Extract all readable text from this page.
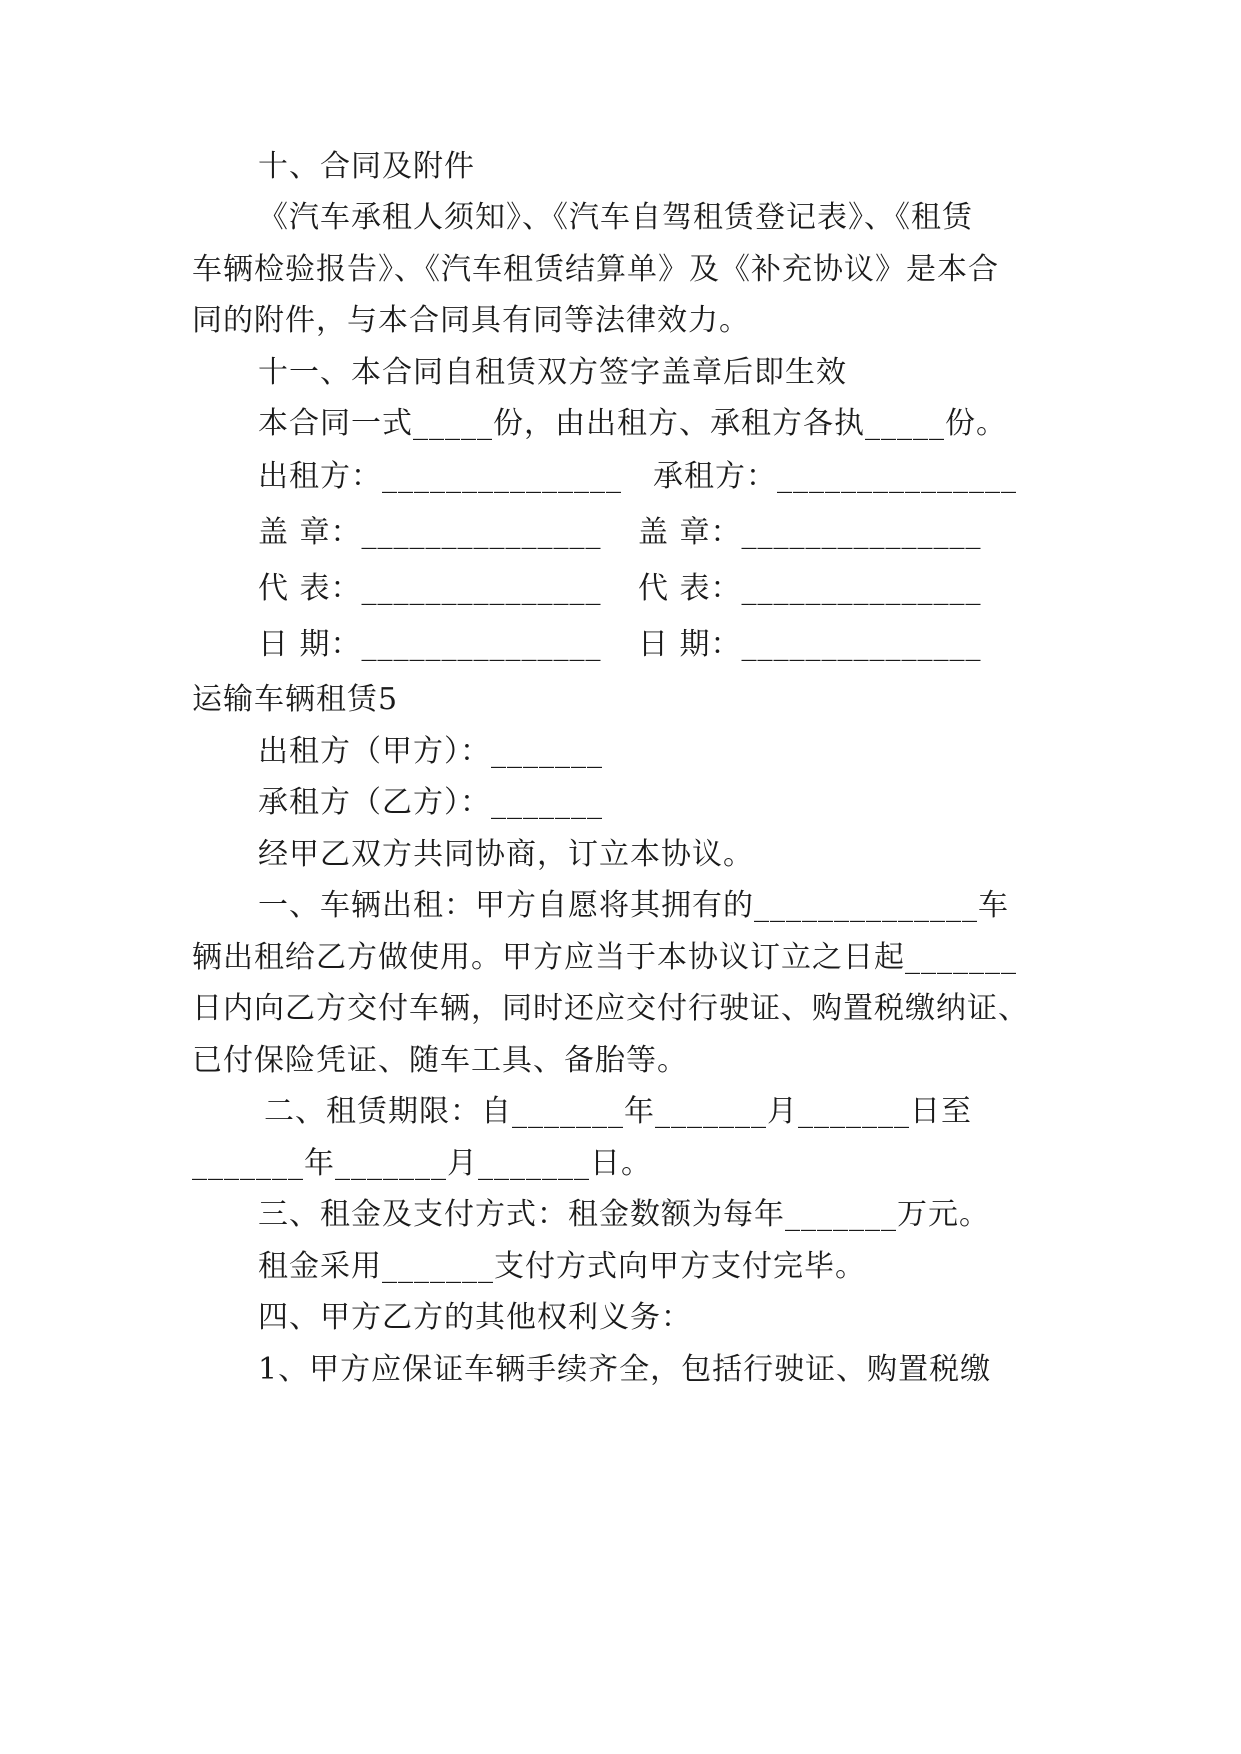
十、合同及附件
《汽车承租人须知》、《汽车自驾租赁登记表》、《租赁
车辆检验报告》、《汽车租赁结算单》及《补充协议》是本合
同的附件，与本合同具有同等法律效力。
十一、本合同自租赁双方签字盖章后即生效
本合同一式_____份，由出租方、承租方各执_____份。
出租方：_______________ 承租方：_______________
盖 章：_______________ 盖 章：_______________
代 表：_______________ 代 表：_______________
日 期：_______________ 日 期：_______________
运输车辆租赁5
出租方（甲方）：_______
承租方（乙方）：_______
经甲乙双方共同协商，订立本协议。
一、车辆出租：甲方自愿将其拥有的______________车
辆出租给乙方做使用。甲方应当于本协议订立之日起_______
日内向乙方交付车辆，同时还应交付行驶证、购置税缴纳证、
已付保险凭证、随车工具、备胎等。
二、租赁期限：自_______年_______月_______日至
_______年_______月_______日。
三、租金及支付方式：租金数额为每年_______万元。
租金采用_______支付方式向甲方支付完毕。
四、甲方乙方的其他权利义务：
1、甲方应保证车辆手续齐全，包括行驶证、购置税缴
